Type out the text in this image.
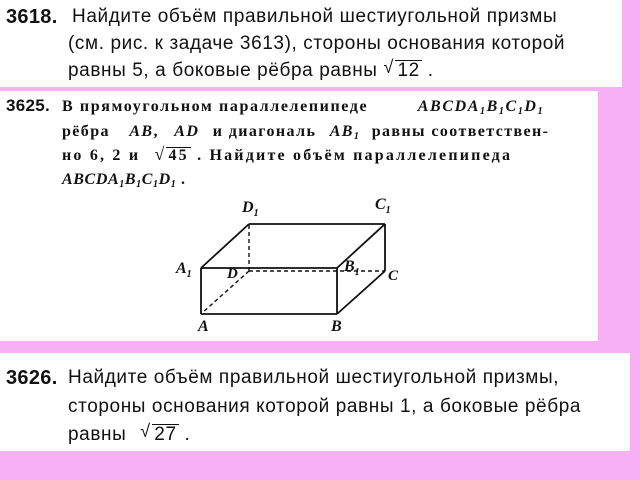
3618. Найдите объём правильной шестиугольной призмы
(см. рис. к задаче 3613), стороны основания которой
равны 5, а боковые рёбра равны √ 12 .
3625. В прямоугольном параллелепипеде	$ABCDA_1B_1C_1D_1$
рёбра AB, AD и диагональ $AB_1$ равны соответствен-
но 6, 2 и √ 45 . Найдите объём параллелепипеда
$ABCDA_1B_1C_1D_1$ .
$D_1$
$C_1$
$A_1$	$B_1$
D	C
A	B
3626. Найдите объём правильной шестиугольной призмы,
стороны основания которой равны 1, а боковые рёбра
равны √ 27 .
